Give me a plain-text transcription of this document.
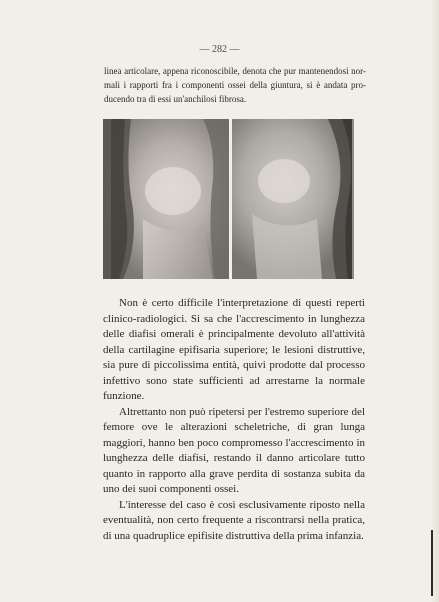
— 282 —
linea articolare, appena riconoscibile, denota che pur mantenendosi nor-
mali i rapporti fra i componenti ossei della giuntura, si è andata pro-
ducendo tra di essi un'anchilosi fibrosa.

Non è certo difficile l'interpretazione di questi reperti clinico-radiologici. Si sa che l'accrescimento in lunghezza delle diafisi omerali è principalmente devoluto all'attività della cartilagine epifisaria superiore; le lesioni distruttive, sia pure di piccolissima entità, quivi prodotte dal processo infettivo sono state sufficienti ad arrestarne la normale funzione.

Altrettanto non può ripetersi per l'estremo superiore del femore ove le alterazioni scheletriche, di gran lunga maggiori, hanno ben poco compromesso l'accrescimento in lunghezza delle diafisi, restando il danno articolare tutto quanto in rapporto alla grave perdita di sostanza subita da uno dei suoi componenti ossei.

L'interesse del caso è così esclusivamente riposto nella eventualità, non certo frequente a riscontrarsi nella pratica, di una quadruplice epifisite distruttiva della prima infanzia.
